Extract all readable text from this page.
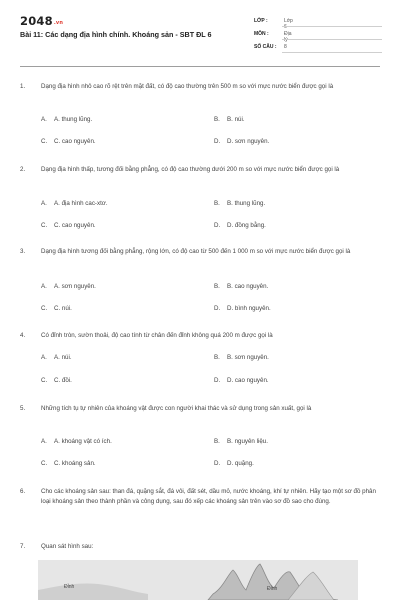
2048.vn
Bài 11: Các dạng địa hình chính. Khoáng sản - SBT ĐL 6
LỚP :	Lớp 6
MÔN :	Địa lý
SỐ CÂU :	8
1.	Dạng địa hình nhô cao rõ rệt trên mặt đất, có độ cao thường trên 500 m so với mực nước biển được gọi là
A. A. thung lũng.	B. B. núi.
C. C. cao nguyên.	D. D. sơn nguyên.
2.	Dạng địa hình thấp, tương đối bằng phẳng, có độ cao thường dưới 200 m so với mực nước biển được gọi là
A. A. địa hình cac-xtơ.	B. B. thung lũng.
C. C. cao nguyên.	D. D. đồng bằng.
3.	Dạng địa hình tương đối bằng phẳng, rộng lớn, có độ cao từ 500 đến 1 000 m so với mực nước biển được gọi là
A. A. sơn nguyên.	B. B. cao nguyên.
C. C. núi.	D. D. bình nguyên.
4.	Có đỉnh tròn, sườn thoải, độ cao tính từ chân đến đỉnh không quá 200 m được gọi là
A. A. núi.	B. B. sơn nguyên.
C. C. đồi.	D. D. cao nguyên.
5.	Những tích tụ tự nhiên của khoáng vật được con người khai thác và sử dụng trong sản xuất, gọi là
A. A. khoáng vật có ích.	B. B. nguyên liệu.
C. C. khoáng sản.	D. D. quặng.
6.	Cho các khoáng sản sau: than đá, quặng sắt, đá vôi, đất sét, dầu mỏ, nước khoáng, khí tự nhiên. Hãy tạo một sơ đồ phân loại khoáng sản theo thành phần và công dụng, sau đó xếp các khoáng sản trên vào sơ đồ sao cho đúng.
7.	Quan sát hình sau:
Đỉnh	Đỉnh
